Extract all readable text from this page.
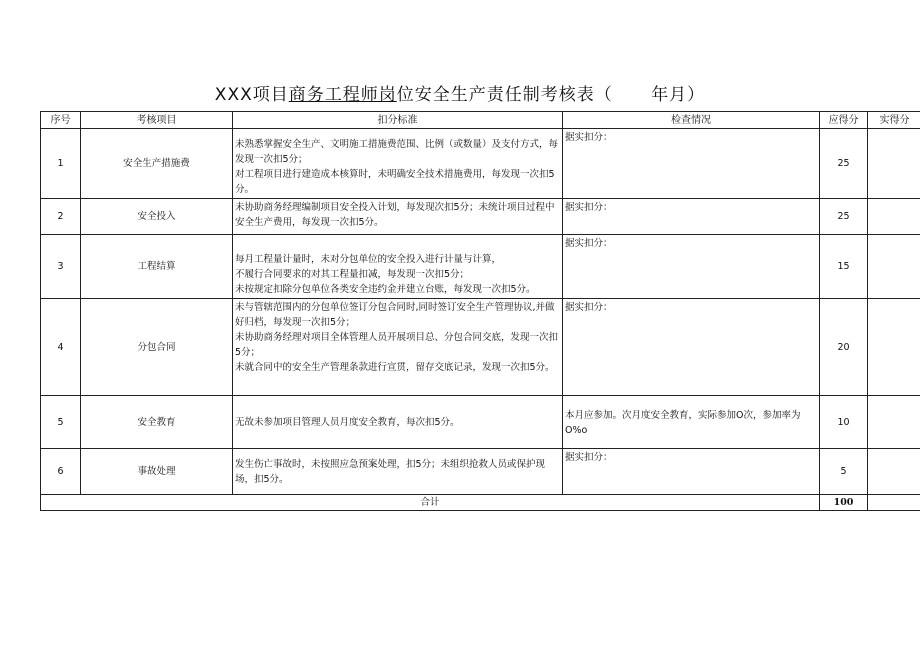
XXX项目商务工程师岗位安全生产责任制考核表（ 年月）
序号	考核项目	扣分标准	检查情况	应得分	实得分
1	安全生产措施费	未熟悉掌握安全生产、文明施工措施费范围、比例（或数量）及支付方式，每发现一次扣5分；
对工程项目进行建造成本核算时，未明确安全技术措施费用，每发现一次扣5分。	据实扣分：	25	
2	安全投入	未协助商务经理编制项目安全投入计划，每发现次扣5分；未统计项目过程中安全生产费用，每发现一次扣5分。	据实扣分：	25	
3	工程结算	每月工程量计量时，未对分包单位的安全投入进行计量与计算，
不履行合同要求的对其工程量扣减，每发现一次扣5分；
未按规定扣除分包单位各类安全违约金并建立台账，每发现一次扣5分。	据实扣分：	15	
4	分包合同	未与管辖范围内的分包单位签订分包合同时,同时签订安全生产管理协议,并做好归档，每发现一次扣5分；
未协助商务经理对项目全体管理人员开展项目总、分包合同交底，发现一次扣5分；
未就合同中的安全生产管理条款进行宣贯，留存交底记录，发现一次扣5分。	据实扣分：	20	
5	安全教育	无故未参加项目管理人员月度安全教育，每次扣5分。	本月应参加。次月度安全教育，实际参加O次，参加率为O%o	10	
6	事故处理	发生伤亡事故时，未按照应急预案处理，扣5分；未组织抢救人员或保护现场，扣5分。	据实扣分：	5	
合计				100	
